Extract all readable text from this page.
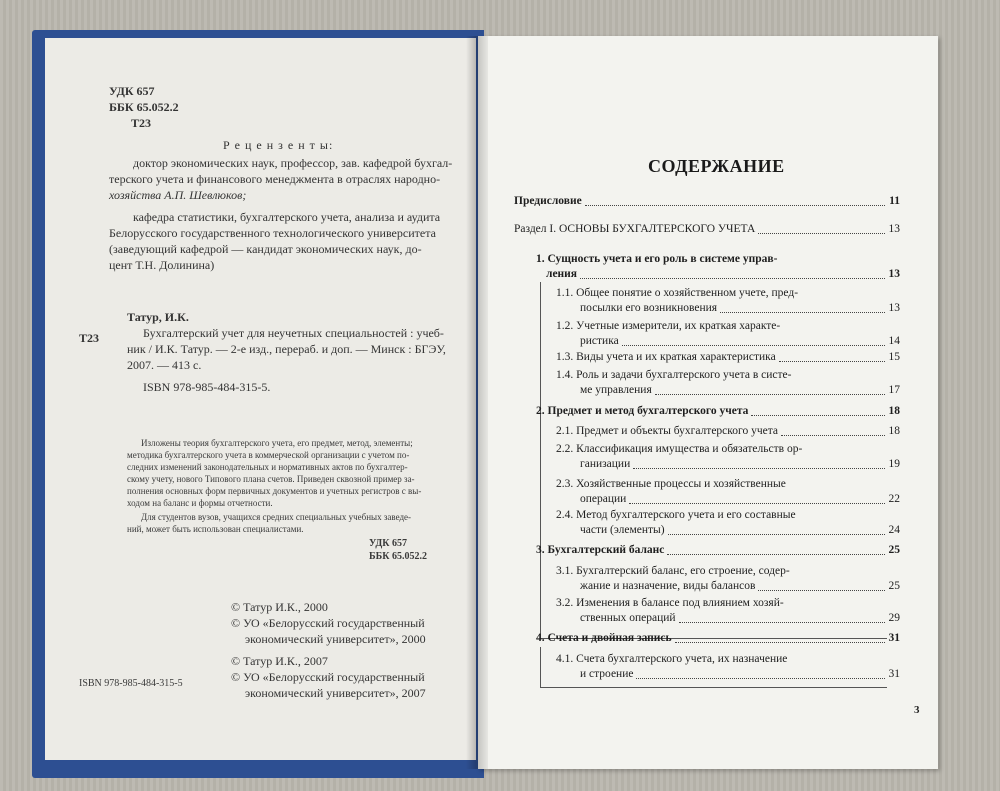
УДК 657
ББК 65.052.2
Т23
Р е ц е н з е н т ы:
доктор экономических наук, профессор, зав. кафедрой бухгал-
терского учета и финансового менеджмента в отраслях народно-
хозяйства А.П. Шевлюков;
кафедра статистики, бухгалтерского учета, анализа и аудита
Белорусского государственного технологического университета
(заведующий кафедрой — кандидат экономических наук, до-
цент Т.Н. Долинина)
Т23
Татур, И.К.
Бухгалтерский учет для неучетных специальностей : учеб-
ник / И.К. Татур. — 2-е изд., перераб. и доп. — Минск : БГЭУ,
2007. — 413 с.
ISBN 978-985-484-315-5.
Изложены теория бухгалтерского учета, его предмет, метод, элементы;
методика бухгалтерского учета в коммерческой организации с учетом по-
следних изменений законодательных и нормативных актов по бухгалтер-
скому учету, нового Типового плана счетов. Приведен сквозной пример за-
полнения основных форм первичных документов и учетных регистров с вы-
ходом на баланс и формы отчетности.
Для студентов вузов, учащихся средних специальных учебных заведе-
ний, может быть использован специалистами.
УДК 657
ББК 65.052.2
© Татур И.К., 2000
© УО «Белорусский государственный
экономический университет», 2000
© Татур И.К., 2007
© УО «Белорусский государственный
экономический университет», 2007
ISBN 978-985-484-315-5
СОДЕРЖАНИЕ
Предисловие	11
Раздел I. ОСНОВЫ БУХГАЛТЕРСКОГО УЧЕТА	13
1. Сущность учета и его роль в системе управ-
ления	13
1.1. Общее понятие о хозяйственном учете, пред-
посылки его возникновения	13
1.2. Учетные измерители, их краткая характе-
ристика	14
1.3. Виды учета и их краткая характеристика	15
1.4. Роль и задачи бухгалтерского учета в систе-
ме управления	17
2. Предмет и метод бухгалтерского учета	18
2.1. Предмет и объекты бухгалтерского учета	18
2.2. Классификация имущества и обязательств ор-
ганизации	19
2.3. Хозяйственные процессы и хозяйственные
операции	22
2.4. Метод бухгалтерского учета и его составные
части (элементы)	24
3. Бухгалтерский баланс	25
3.1. Бухгалтерский баланс, его строение, содер-
жание и назначение, виды балансов	25
3.2. Изменения в балансе под влиянием хозяй-
ственных операций	29
4. Счета и двойная запись	31
4.1. Счета бухгалтерского учета, их назначение
и строение	31
3
